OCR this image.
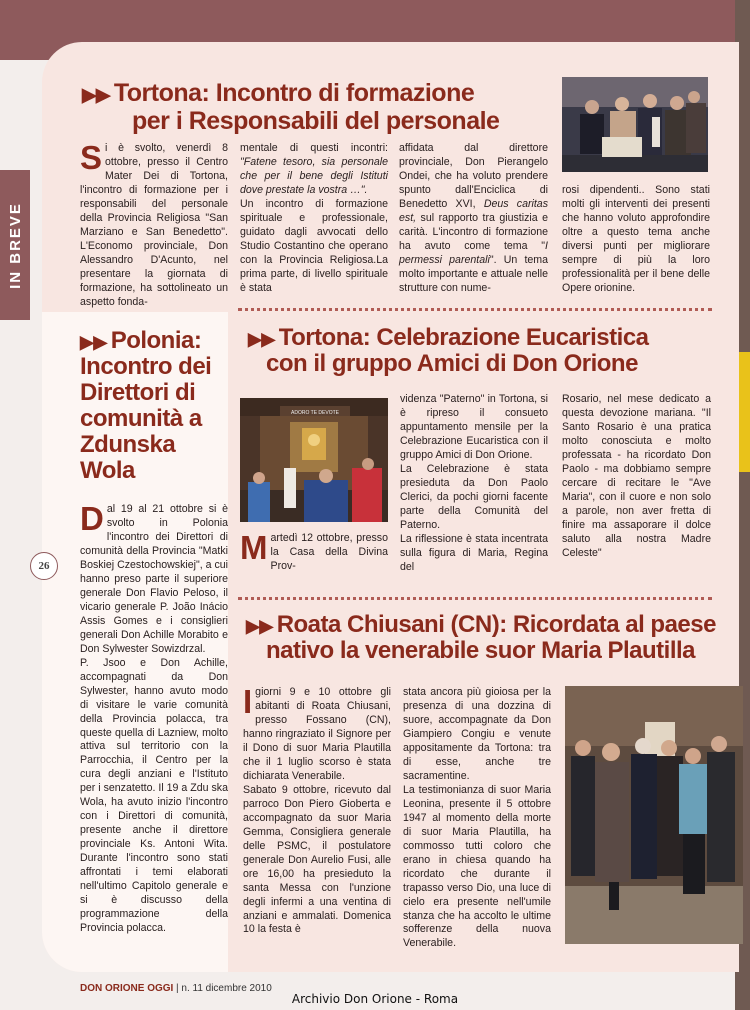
IN BREVE
26
▶▶ Tortona: Incontro di formazione
per i Responsabili del personale
Si è svolto, venerdì 8 ottobre, presso il Centro Mater Dei di Tortona, l'incontro di formazione per i responsabili del personale della Provincia Religiosa "San Marziano e San Benedetto". L'Economo provinciale, Don Alessandro D'Acunto, nel presentare la giornata di formazione, ha sottolineato un aspetto fonda-
mentale di questi incontri: "Fatene tesoro, sia personale che per il bene degli Istituti dove prestate la vostra …".
Un incontro di formazione spirituale e professionale, guidato dagli avvocati dello Studio Costantino che operano con la Provincia Religiosa.La prima parte, di livello spirituale è stata
affidata dal direttore provinciale, Don Pierangelo Ondei, che ha voluto prendere spunto dall'Enciclica di Benedetto XVI, Deus caritas est, sul rapporto tra giustizia e carità. L'incontro di formazione ha avuto come tema "I permessi parentali". Un tema molto importante e attuale nelle strutture con nume-
rosi dipendenti.. Sono stati molti gli interventi dei presenti che hanno voluto approfondire oltre a questo tema anche diversi punti per migliorare sempre di più la loro professionalità per il bene delle Opere orionine.
▶▶ Polonia:
Incontro dei
Direttori di
comunità a
Zdunska
Wola

Dal 19 al 21 ottobre si è svolto in Polonia l'incontro dei Direttori di comunità della Provincia "Matki Boskiej Czestochowskiej", a cui hanno preso parte il superiore generale Don Flavio Peloso, il vicario generale P. João Inácio Assis Gomes e i consiglieri generali Don Achille Morabito e Don Sylwester Sowizdrzal.

P. Jsoo e Don Achille, accompagnati da Don Sylwester, hanno avuto modo di visitare le varie comunità della Provincia polacca, tra queste quella di Lazniew, molto attiva sul territorio con la Parrocchia, il Centro per la cura degli anziani e l'Istituto per i senzatetto. Il 19 a Zdu ska Wola, ha avuto inizio l'incontro con i Direttori di comunità, presente anche il direttore provinciale Ks. Antoni Wita. Durante l'incontro sono stati affrontati i temi elaborati nell'ultimo Capitolo generale e si è discusso della programmazione della Provincia polacca.

▶▶ Tortona: Celebrazione Eucaristica
con il gruppo Amici di Don Orione
ADORO TE DEVOTE
Martedì 12 ottobre, presso la Casa della Divina Prov-

videnza "Paterno" in Tortona, si è ripreso il consueto appuntamento mensile per la Celebrazione Eucaristica con il gruppo Amici di Don Orione.

La Celebrazione è stata presieduta da Don Paolo Clerici, da pochi giorni facente parte della Comunità del Paterno.

La riflessione è stata incentrata sulla figura di Maria, Regina del

Rosario, nel mese dedicato a questa devozione mariana. "Il Santo Rosario è una pratica molto conosciuta e molto professata - ha ricordato Don Paolo - ma dobbiamo sempre cercare di recitare le "Ave Maria", con il cuore e non solo a parole, non aver fretta di finire ma assaporare il dolce saluto alla nostra Madre Celeste"
▶▶ Roata Chiusani (CN): Ricordata al paese
nativo la venerabile suor Maria Plautilla

I giorni 9 e 10 ottobre gli abitanti di Roata Chiusani, presso Fossano (CN), hanno ringraziato il Signore per il Dono di suor Maria Plautilla che il 1 luglio scorso è stata dichiarata Venerabile.

Sabato 9 ottobre, ricevuto dal parroco Don Piero Gioberta e accompagnato da suor Maria Gemma, Consigliera generale delle PSMC, il postulatore generale Don Aurelio Fusi, alle ore 16,00 ha presieduto la santa Messa con l'unzione degli infermi a una ventina di anziani e ammalati. Domenica 10 la festa è

stata ancora più gioiosa per la presenza di una dozzina di suore, accompagnate da Don Giampiero Congiu e venute appositamente da Tortona: tra di esse, anche tre sacramentine.

La testimonianza di suor Maria Leonina, presente il 5 ottobre 1947 al momento della morte di suor Maria Plautilla, ha commosso tutti coloro che erano in chiesa quando ha ricordato che durante il trapasso verso Dio, una luce di cielo era presente nell'umile stanza che ha accolto le ultime sofferenze della nuova Venerabile.

DON ORIONE OGGI | n. 11 dicembre 2010
Archivio Don Orione - Roma
